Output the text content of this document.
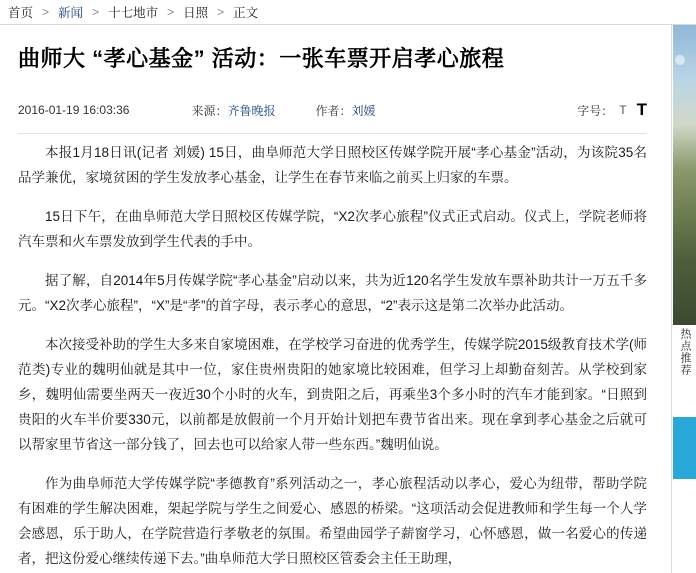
首页 > 新闻 > 十七地市 > 日照 > 正文
曲师大 “孝心基金” 活动：一张车票开启孝心旅程
2016-01-19 16:03:36	来源：齐鲁晚报	作者：刘媛	字号： T T

本报1月18日讯(记者 刘媛) 15日，曲阜师范大学日照校区传媒学院开展“孝心基金”活动，为该院35名品学兼优，家境贫困的学生发放孝心基金，让学生在春节来临之前买上归家的车票。

15日下午，在曲阜师范大学日照校区传媒学院，“X2次孝心旅程”仪式正式启动。仪式上，学院老师将汽车票和火车票发放到学生代表的手中。

据了解，自2014年5月传媒学院“孝心基金”启动以来，共为近120名学生发放车票补助共计一万五千多元。“X2次孝心旅程”，“X”是“孝”的首字母，表示孝心的意思，“2”表示这是第二次举办此活动。

本次接受补助的学生大多来自家境困难，在学校学习奋进的优秀学生，传媒学院2015级教育技术学(师范类)专业的魏明仙就是其中一位，家住贵州贵阳的她家境比较困难，但学习上却勤奋刻苦。从学校到家乡，魏明仙需要坐两天一夜近30个小时的火车，到贵阳之后，再乘坐3个多小时的汽车才能到家。“日照到贵阳的火车半价要330元，以前都是放假前一个月开始计划把车费节省出来。现在拿到孝心基金之后就可以帮家里节省这一部分钱了，回去也可以给家人带一些东西。”魏明仙说。

作为曲阜师范大学传媒学院“孝德教育”系列活动之一，孝心旅程活动以孝心，爱心为纽带，帮助学院有困难的学生解决困难，架起学院与学生之间爱心、感恩的桥梁。“这项活动会促进教师和学生每一个人学会感恩，乐于助人，在学院营造行孝敬老的氛围。希望曲园学子薪窗学习，心怀感恩，做一名爱心的传递者，把这份爱心继续传递下去。”曲阜师范大学日照校区管委会主任王助理，

热点推荐
